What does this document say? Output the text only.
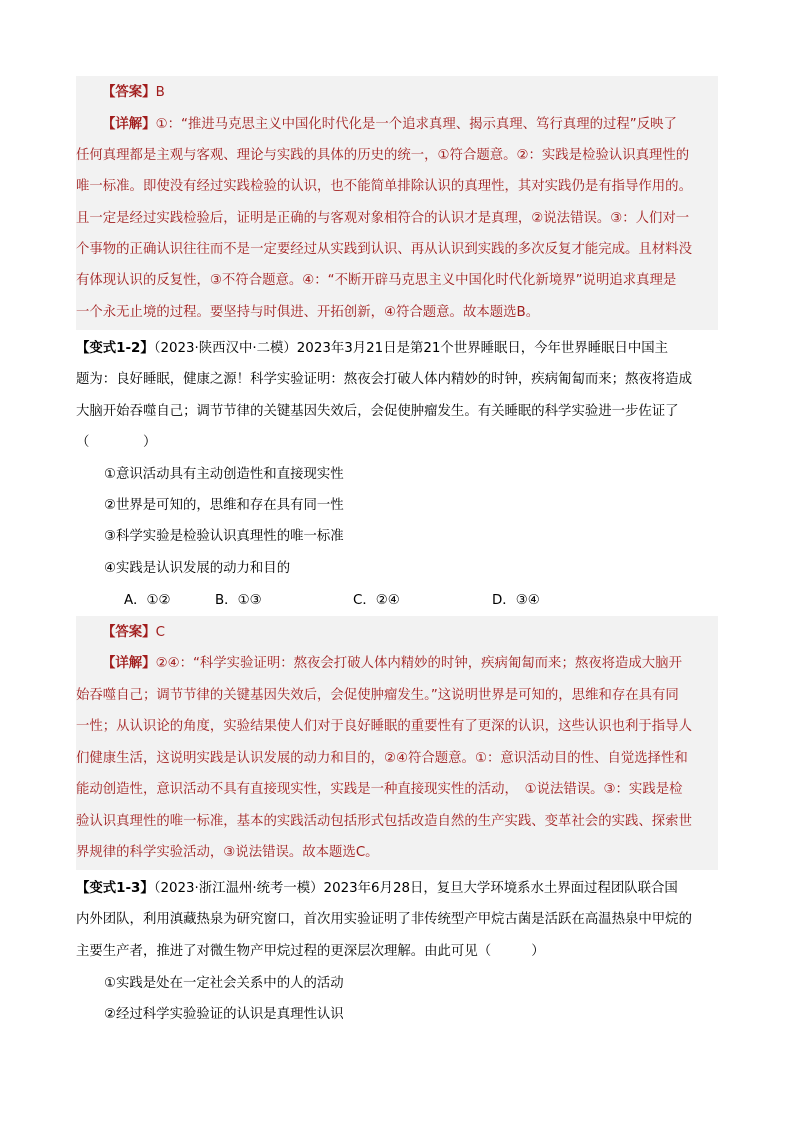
【答案】B
【详解】①：“推进马克思主义中国化时代化是一个追求真理、揭示真理、笃行真理的过程”反映了
任何真理都是主观与客观、理论与实践的具体的历史的统一，①符合题意。②：实践是检验认识真理性的
唯一标准。即使没有经过实践检验的认识，也不能简单排除认识的真理性，其对实践仍是有指导作用的。
且一定是经过实践检验后，证明是正确的与客观对象相符合的认识才是真理，②说法错误。③：人们对一
个事物的正确认识往往而不是一定要经过从实践到认识、再从认识到实践的多次反复才能完成。且材料没
有体现认识的反复性，③不符合题意。④：“不断开辟马克思主义中国化时代化新境界”说明追求真理是
一个永无止境的过程。要坚持与时俱进、开拓创新，④符合题意。故本题选B。
【变式1-2】（2023·陕西汉中·二模）2023年3月21日是第21个世界睡眠日，今年世界睡眠日中国主
题为：良好睡眠，健康之源！科学实验证明：熬夜会打破人体内精妙的时钟，疾病匍匐而来；熬夜将造成
大脑开始吞噬自己；调节节律的关键基因失效后，会促使肿瘤发生。有关睡眠的科学实验进一步佐证了
（　　　　）
①意识活动具有主动创造性和直接现实性
②世界是可知的，思维和存在具有同一性
③科学实验是检验认识真理性的唯一标准
④实践是认识发展的动力和目的
A．①②	B．①③	C．②④	D．③④
【答案】C
【详解】②④：“科学实验证明：熬夜会打破人体内精妙的时钟，疾病匍匐而来；熬夜将造成大脑开
始吞噬自己；调节节律的关键基因失效后，会促使肿瘤发生。”这说明世界是可知的，思维和存在具有同
一性；从认识论的角度，实验结果使人们对于良好睡眠的重要性有了更深的认识，这些认识也利于指导人
们健康生活，这说明实践是认识发展的动力和目的，②④符合题意。①：意识活动目的性、自觉选择性和
能动创造性，意识活动不具有直接现实性，实践是一种直接现实性的活动，　①说法错误。③：实践是检
验认识真理性的唯一标准，基本的实践活动包括形式包括改造自然的生产实践、变革社会的实践、探索世
界规律的科学实验活动，③说法错误。故本题选C。
【变式1-3】（2023·浙江温州·统考一模）2023年6月28日，复旦大学环境系水土界面过程团队联合国
内外团队，利用滇藏热泉为研究窗口，首次用实验证明了非传统型产甲烷古菌是活跃在高温热泉中甲烷的
主要生产者，推进了对微生物产甲烷过程的更深层次理解。由此可见（　　　）
①实践是处在一定社会关系中的人的活动
②经过科学实验验证的认识是真理性认识
